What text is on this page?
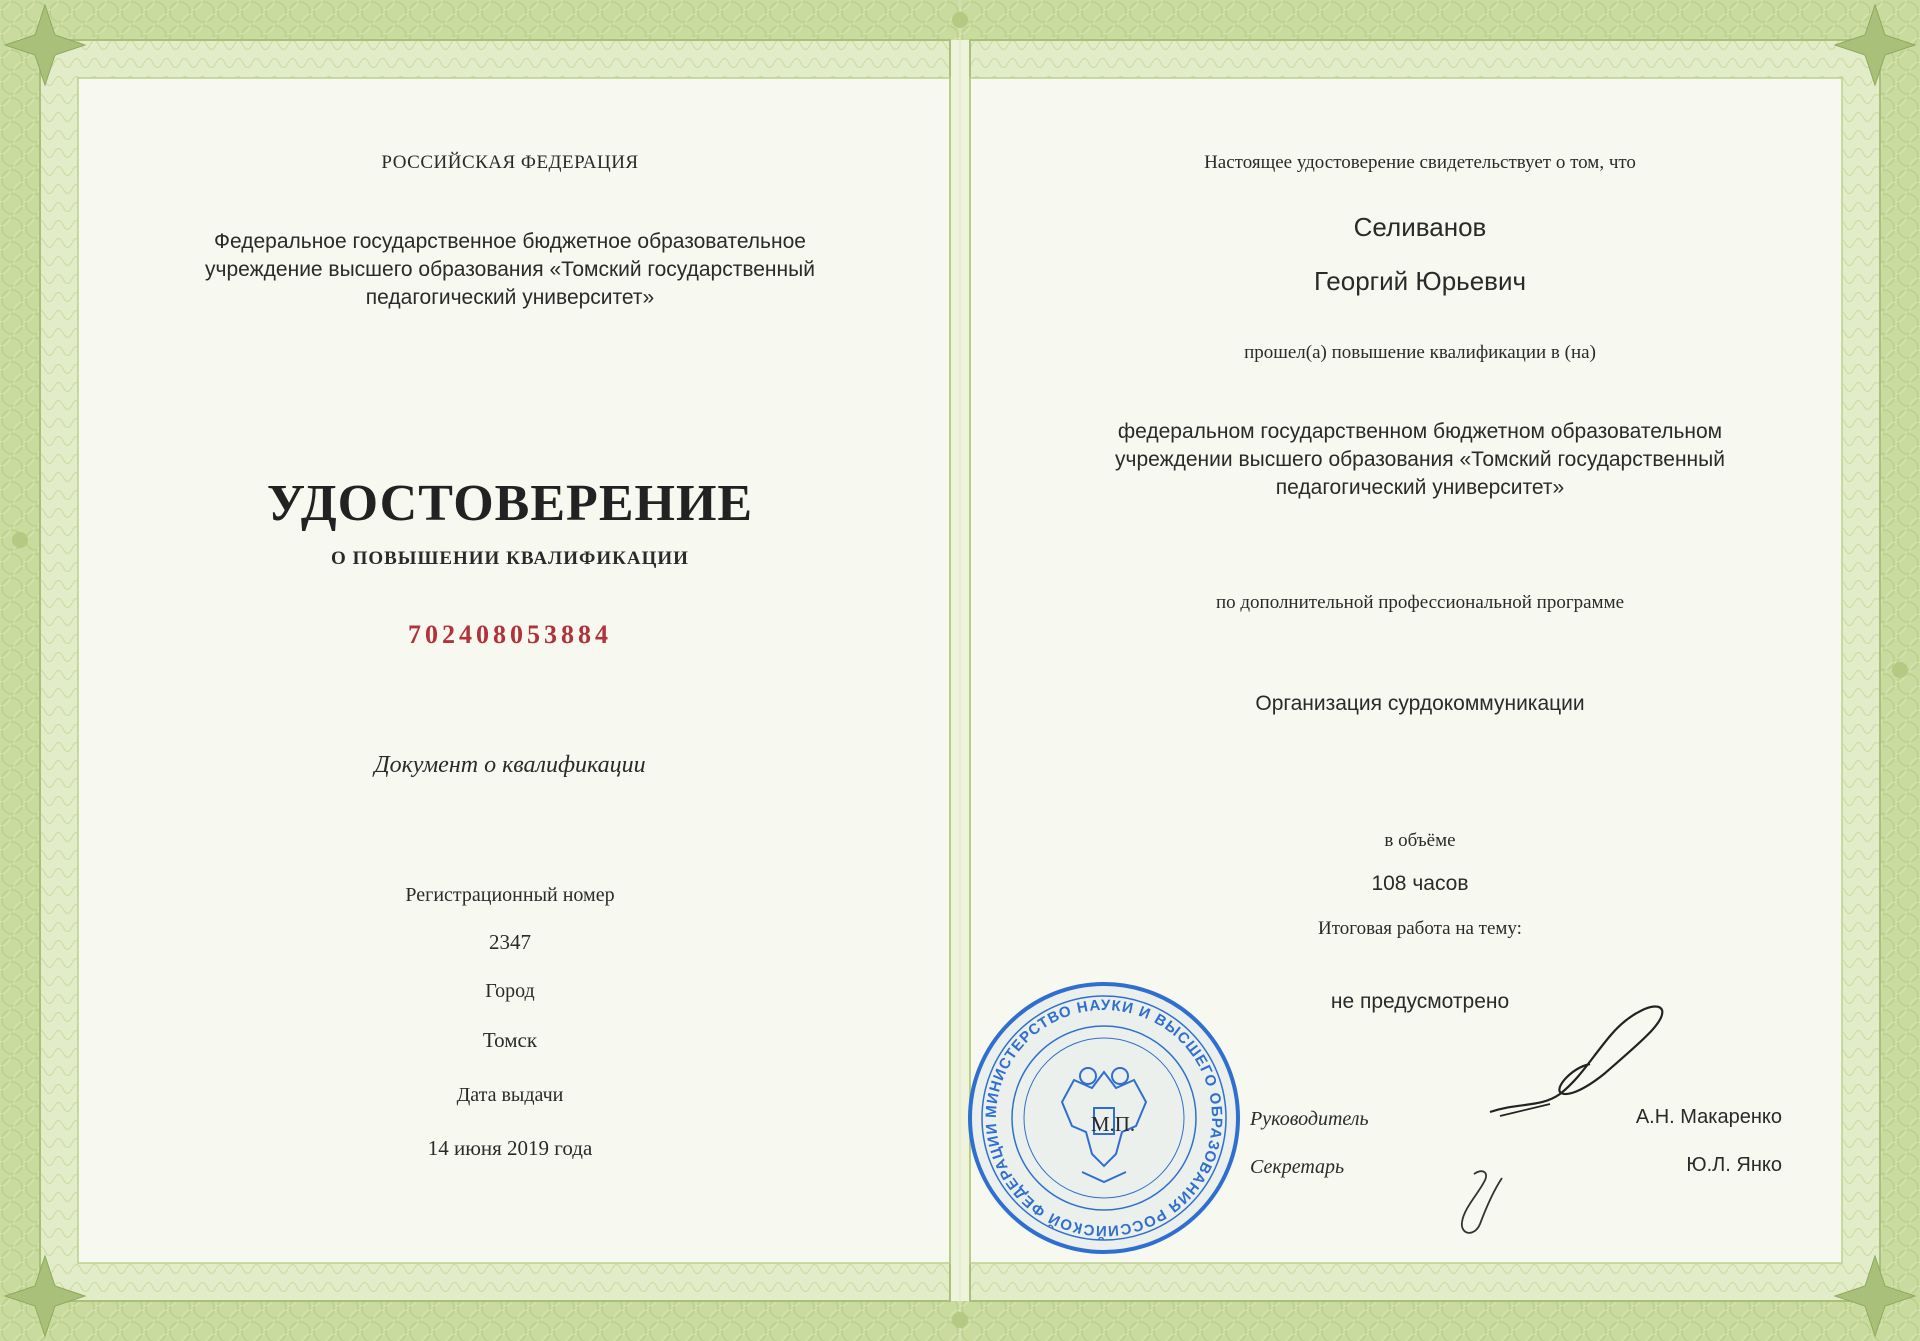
РОССИЙСКАЯ ФЕДЕРАЦИЯ
Федеральное государственное бюджетное образовательное
учреждение высшего образования «Томский государственный
педагогический университет»
УДОСТОВЕРЕНИЕ
О ПОВЫШЕНИИ КВАЛИФИКАЦИИ
702408053884
Документ о квалификации
Регистрационный номер
2347
Город
Томск
Дата выдачи
14 июня 2019 года
Настоящее удостоверение свидетельствует о том, что
Селиванов
Георгий Юрьевич
прошел(а) повышение квалификации в (на)
федеральном государственном бюджетном образовательном
учреждении высшего образования «Томский государственный
педагогический университет»
по дополнительной профессиональной программе
Организация сурдокоммуникации
в объёме
108 часов
Итоговая работа на тему:
не предусмотрено
МИНИСТЕРСТВО НАУКИ И ВЫСШЕГО ОБРАЗОВАНИЯ РОССИЙСКОЙ ФЕДЕРАЦИИ	М.П.	Руководитель	А.Н. Макаренко
Секретарь	Ю.Л. Янко
